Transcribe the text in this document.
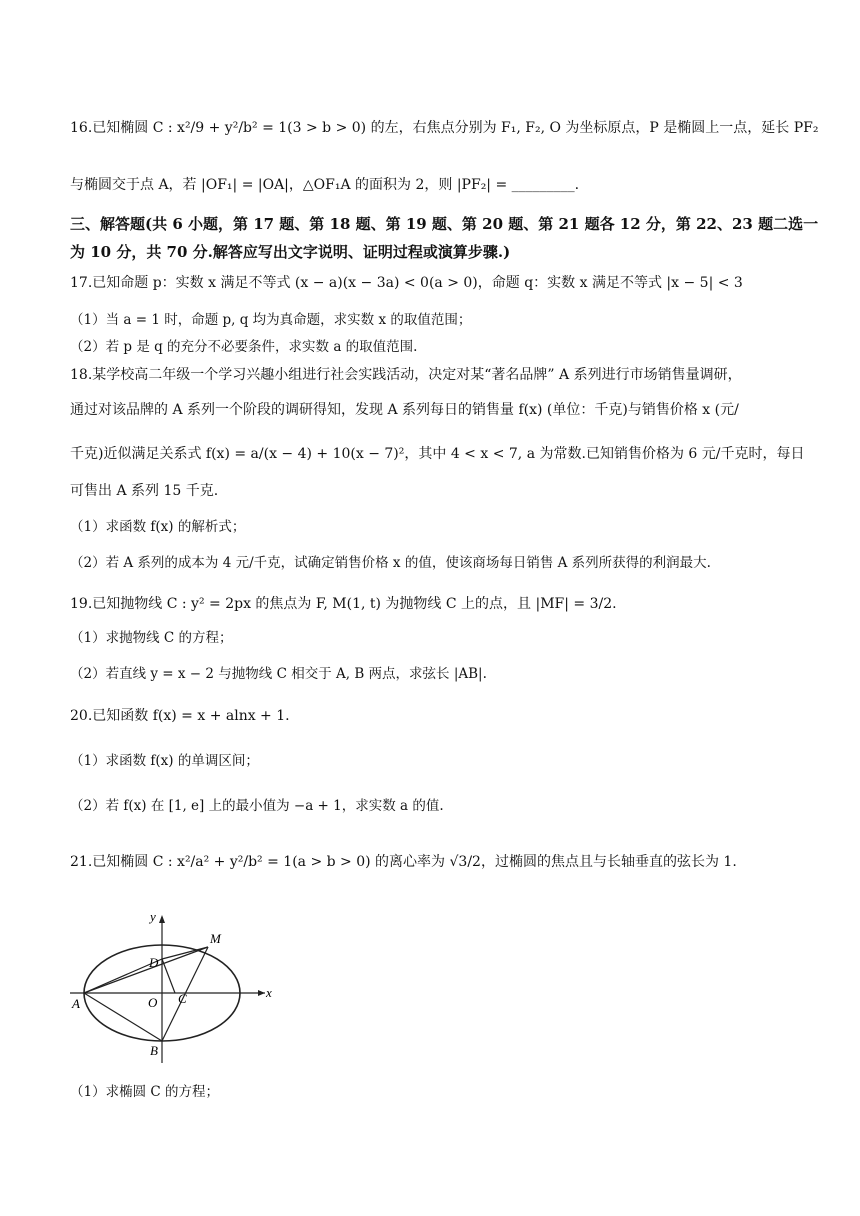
16.已知椭圆 C : x²/9 + y²/b² = 1(3 > b > 0) 的左，右焦点分别为 F₁, F₂, O 为坐标原点，P 是椭圆上一点，延长 PF₂
与椭圆交于点 A，若 |OF₁| = |OA|，△OF₁A 的面积为 2，则 |PF₂| = _________.
三、解答题(共 6 小题，第 17 题、第 18 题、第 19 题、第 20 题、第 21 题各 12 分，第 22、23 题二选一
为 10 分，共 70 分.解答应写出文字说明、证明过程或演算步骤.)
17.已知命题 p：实数 x 满足不等式 (x − a)(x − 3a) < 0(a > 0)，命题 q：实数 x 满足不等式 |x − 5| < 3
（1）当 a = 1 时，命题 p, q 均为真命题，求实数 x 的取值范围；
（2）若 p 是 q 的充分不必要条件，求实数 a 的取值范围.
18.某学校高二年级一个学习兴趣小组进行社会实践活动，决定对某“著名品牌” A 系列进行市场销售量调研，
通过对该品牌的 A 系列一个阶段的调研得知，发现 A 系列每日的销售量 f(x) (单位：千克)与销售价格 x (元/
千克)近似满足关系式 f(x) = a/(x − 4) + 10(x − 7)²，其中 4 < x < 7, a 为常数.已知销售价格为 6 元/千克时，每日
可售出 A 系列 15 千克.
（1）求函数 f(x) 的解析式；
（2）若 A 系列的成本为 4 元/千克，试确定销售价格 x 的值，使该商场每日销售 A 系列所获得的利润最大.
19.已知抛物线 C : y² = 2px 的焦点为 F, M(1, t) 为抛物线 C 上的点，且 |MF| = 3/2.
（1）求抛物线 C 的方程；
（2）若直线 y = x − 2 与抛物线 C 相交于 A, B 两点，求弦长 |AB|.
20.已知函数 f(x) = x + alnx + 1.
（1）求函数 f(x) 的单调区间；
（2）若 f(x) 在 [1, e] 上的最小值为 −a + 1，求实数 a 的值.
21.已知椭圆 C : x²/a² + y²/b² = 1(a > b > 0) 的离心率为 √3/2，过椭圆的焦点且与长轴垂直的弦长为 1.
y
x
M
D
O C
A
B
（1）求椭圆 C 的方程；
